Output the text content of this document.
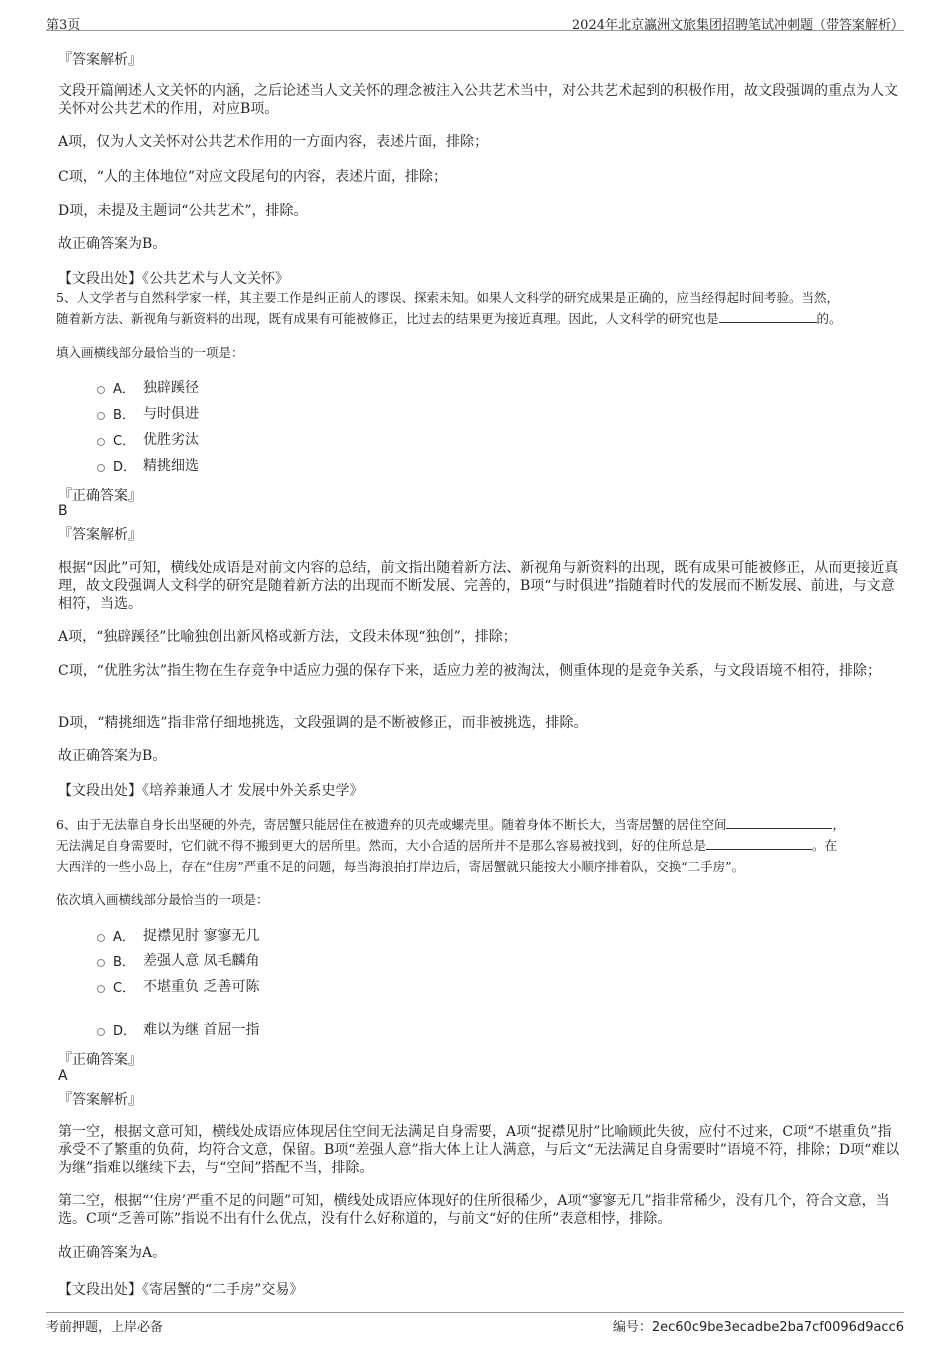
第3页	2024年北京瀛洲文旅集团招聘笔试冲刺题（带答案解析）
『答案解析』
文段开篇阐述人文关怀的内涵，之后论述当人文关怀的理念被注入公共艺术当中，对公共艺术起到的积极作用，故文段强调的重点为人文关怀对公共艺术的作用，对应B项。
A项，仅为人文关怀对公共艺术作用的一方面内容，表述片面，排除；
C项，“人的主体地位”对应文段尾句的内容，表述片面，排除；
D项，未提及主题词“公共艺术”，排除。
故正确答案为B。
【文段出处】《公共艺术与人文关怀》
5、人文学者与自然科学家一样，其主要工作是纠正前人的谬误、探索未知。如果人文科学的研究成果是正确的，应当经得起时间考验。当然，
随着新方法、新视角与新资料的出现，既有成果有可能被修正，比过去的结果更为接近真理。因此，人文科学的研究也是	的。
填入画横线部分最恰当的一项是：
A． 独辟蹊径
B． 与时俱进
C． 优胜劣汰
D． 精挑细选
『正确答案』
B
『答案解析』
根据“因此”可知，横线处成语是对前文内容的总结，前文指出随着新方法、新视角与新资料的出现，既有成果可能被修正，从而更接近真理，故文段强调人文科学的研究是随着新方法的出现而不断发展、完善的，B项“与时俱进”指随着时代的发展而不断发展、前进，与文意相符，当选。
A项，“独辟蹊径”比喻独创出新风格或新方法，文段未体现“独创”，排除；
C项，“优胜劣汰”指生物在生存竞争中适应力强的保存下来，适应力差的被淘汰，侧重体现的是竞争关系，与文段语境不相符，排除；
D项，“精挑细选”指非常仔细地挑选，文段强调的是不断被修正，而非被挑选，排除。
故正确答案为B。
【文段出处】《培养兼通人才 发展中外关系史学》
6、由于无法靠自身长出坚硬的外壳，寄居蟹只能居住在被遗弃的贝壳或螺壳里。随着身体不断长大，当寄居蟹的居住空间	，
无法满足自身需要时，它们就不得不搬到更大的居所里。然而，大小合适的居所并不是那么容易被找到，好的住所总是	。在
大西洋的一些小岛上，存在“住房”严重不足的问题，每当海浪拍打岸边后，寄居蟹就只能按大小顺序排着队，交换“二手房”。
依次填入画横线部分最恰当的一项是：
A． 捉襟见肘 寥寥无几
B． 差强人意 凤毛麟角
C． 不堪重负 乏善可陈
D． 难以为继 首屈一指
『正确答案』
A
『答案解析』
第一空，根据文意可知，横线处成语应体现居住空间无法满足自身需要，A项“捉襟见肘”比喻顾此失彼，应付不过来，C项“不堪重负”指承受不了繁重的负荷，均符合文意，保留。B项“差强人意”指大体上让人满意，与后文“无法满足自身需要时”语境不符，排除；D项“难以为继”指难以继续下去，与“空间”搭配不当，排除。
第二空，根据“‘住房’严重不足的问题”可知，横线处成语应体现好的住所很稀少，A项“寥寥无几”指非常稀少，没有几个，符合文意，当选。C项“乏善可陈”指说不出有什么优点，没有什么好称道的，与前文“好的住所”表意相悖，排除。
故正确答案为A。
【文段出处】《寄居蟹的“二手房”交易》
考前押题，上岸必备	编号：2ec60c9be3ecadbe2ba7cf0096d9acc6
